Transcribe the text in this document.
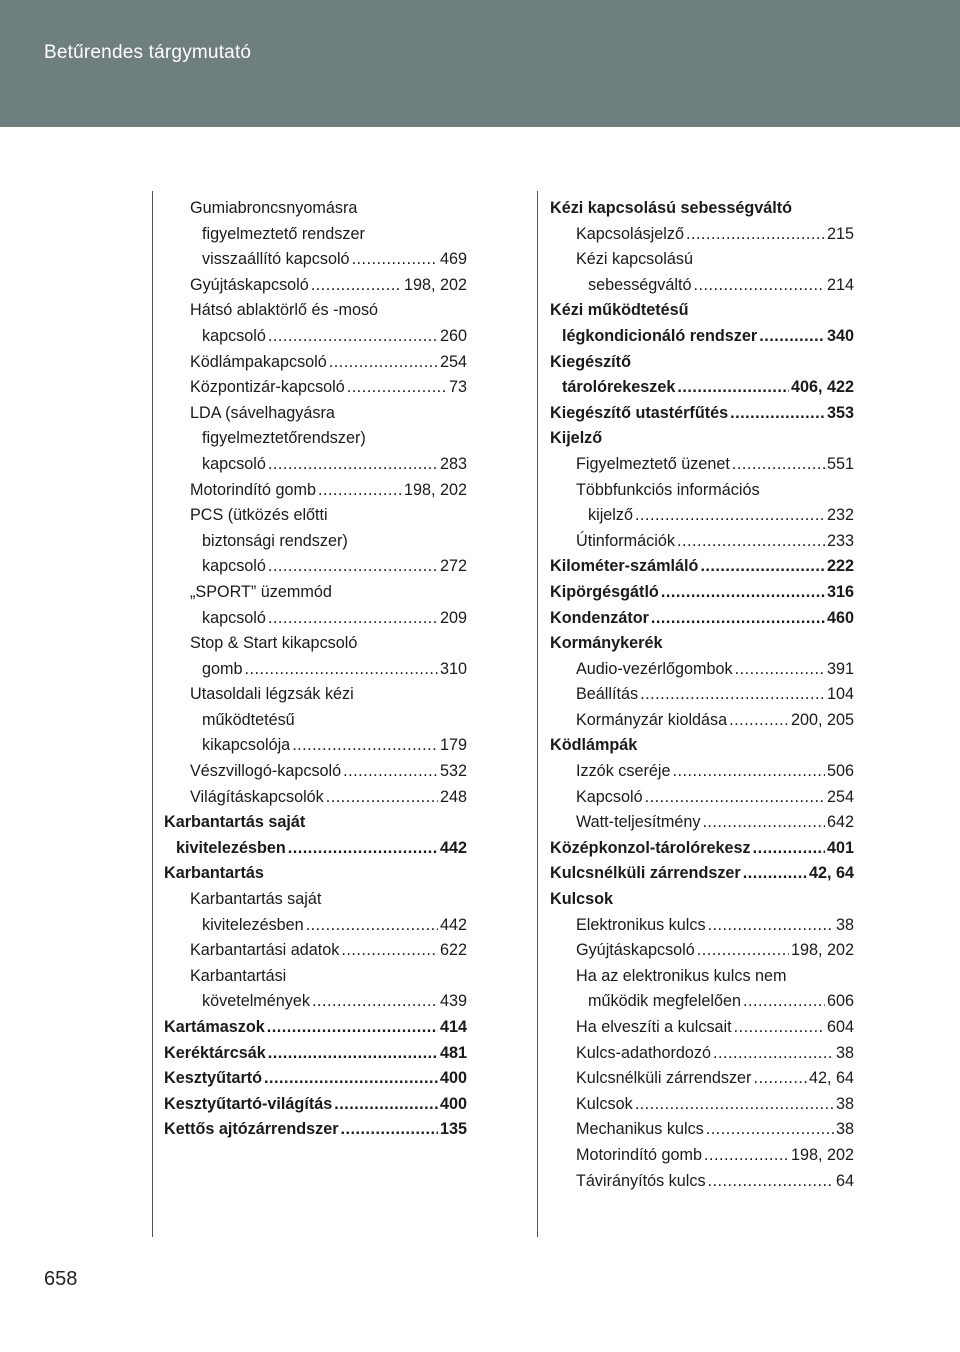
Betűrendes tárgymutató
Gumiabroncsnyomásra
figyelmeztető rendszer
visszaállító kapcsoló .....	469
Gyújtáskapcsoló .....	198, 202
Hátsó ablaktörlő és -mosó
kapcsoló .....	260
Ködlámpakapcsoló .....	254
Központizár-kapcsoló .....	73
LDA (sávelhagyásra
figyelmeztetőrendszer)
kapcsoló .....	283
Motorindító gomb .....	198, 202
PCS (ütközés előtti
biztonsági rendszer)
kapcsoló .....	272
„SPORT” üzemmód
kapcsoló .....	209
Stop & Start kikapcsoló
gomb .....	310
Utasoldali légzsák kézi
működtetésű
kikapcsolója .....	179
Vészvillogó-kapcsoló .....	532
Világításkapcsolók .....	248
Karbantartás saját
kivitelezésben .....	442
Karbantartás
Karbantartás saját
kivitelezésben .....	442
Karbantartási adatok .....	622
Karbantartási
követelmények .....	439
Kartámaszok .....	414
Keréktárcsák .....	481
Kesztyűtartó .....	400
Kesztyűtartó-világítás .....	400
Kettős ajtózárrendszer .....	135
Kézi kapcsolású sebességváltó
Kapcsolásjelző .....	215
Kézi kapcsolású
sebességváltó .....	214
Kézi működtetésű
légkondicionáló rendszer .....	340
Kiegészítő
tárolórekeszek .....	406, 422
Kiegészítő utastérfűtés .....	353
Kijelző
Figyelmeztető üzenet .....	551
Többfunkciós információs
kijelző .....	232
Útinformációk .....	233
Kilométer-számláló .....	222
Kipörgésgátló .....	316
Kondenzátor .....	460
Kormánykerék
Audio-vezérlőgombok .....	391
Beállítás .....	104
Kormányzár kioldása .....	200, 205
Ködlámpák
Izzók cseréje .....	506
Kapcsoló .....	254
Watt-teljesítmény .....	642
Középkonzol-tárolórekesz .....	401
Kulcsnélküli zárrendszer .....	42, 64
Kulcsok
Elektronikus kulcs .....	38
Gyújtáskapcsoló .....	198, 202
Ha az elektronikus kulcs nem
működik megfelelően .....	606
Ha elveszíti a kulcsait .....	604
Kulcs-adathordozó .....	38
Kulcsnélküli zárrendszer .....	42, 64
Kulcsok .....	38
Mechanikus kulcs .....	38
Motorindító gomb .....	198, 202
Távirányítós kulcs .....	64
658
